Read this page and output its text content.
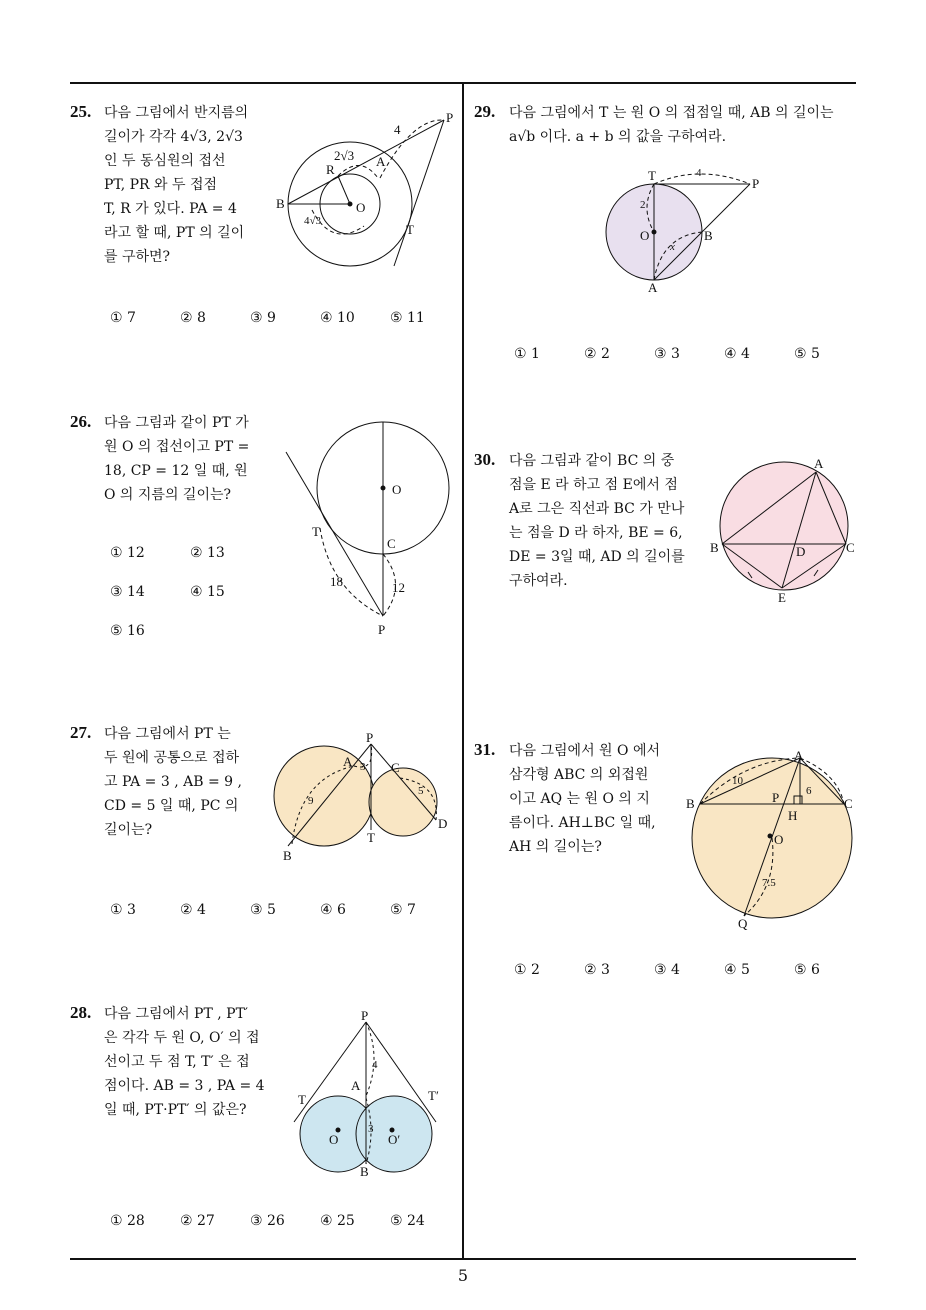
25. 다음 그림에서 반지름의
길이가 각각 4√3, 2√3
인 두 동심원의 접선
PT, PR 와 두 접점
T, R 가 있다. PA = 4
라고 할 때, PT 의 길이
를 구하면?
P
4
2√3 A
R
B	O
4√3
T
① 7	② 8	③ 9	④ 10	⑤ 11
26. 다음 그림과 같이 PT 가
원 O 의 접선이고 PT =
18, CP = 12 일 때, 원
O 의 지름의 길이는?
① 12	② 13
③ 14	④ 15
⑤ 16
O
T
C
18	12
P
27. 다음 그림에서 PT 는
두 원에 공통으로 접하
고 PA = 3 , AB = 9 ,
CD = 5 일 때, PC 의
길이는?
P
A 3 C
9
5
D
T
B
① 3	② 4	③ 5	④ 6	⑤ 7
28. 다음 그림에서 PT , PT′
은 각각 두 원 O, O′ 의 접
선이고 두 점 T, T′ 은 접
점이다. AB = 3 , PA = 4
일 때, PT·PT′ 의 값은?
P
4
A
T	T′
O
3
O′
B
① 28	② 27	③ 26	④ 25	⑤ 24
29. 다음 그림에서 T 는 원 O 의 접점일 때, AB 의 길이는
a√b 이다. a + b 의 값을 구하여라.
T	4
P
2
O
x
B
A
① 1	② 2	③ 3	④ 4	⑤ 5
30. 다음 그림과 같이 BC 의 중
점을 E 라 하고 점 E에서 점
A로 그은 직선과 BC 가 만나
는 점을 D 라 하자, BE = 6,
DE = 3일 때, AD 의 길이를
구하여라.
A
B	D	C
E
31. 다음 그림에서 원 O 에서
삼각형 ABC 의 외접원
이고 AQ 는 원 O 의 지
름이다. AH⊥BC 일 때,
AH 의 길이는?
A
10
B	P 6
C
H
O
7.5
Q
① 2	② 3	③ 4	④ 5	⑤ 6
5
